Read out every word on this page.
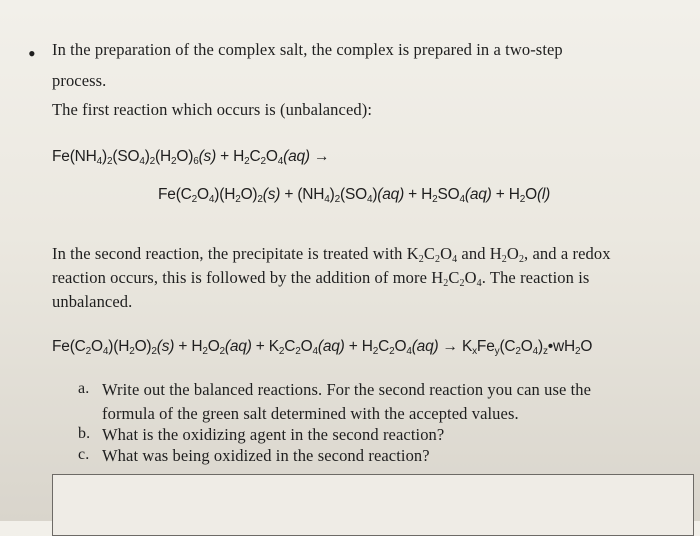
• In the preparation of the complex salt, the complex is prepared in a two-step
process.
The first reaction which occurs is (unbalanced):
$Fe(NH_4)_2(SO_4)_2(H_2O)_6(s) + H_2C_2O_4(aq)$ →
$Fe(C_2O_4)(H_2O)_2(s) + (NH_4)_2(SO_4)(aq) + H_2SO_4(aq) + H_2O(l)$
In the second reaction, the precipitate is treated with $K_2C_2O_4$ and $H_2O_2$, and a redox
reaction occurs, this is followed by the addition of more $H_2C_2O_4$. The reaction is
unbalanced.
$Fe(C_2O_4)(H_2O)_2(s) + H_2O_2(aq) + K_2C_2O_4(aq) + H_2C_2O_4(aq)$ → $K_xFe_y(C_2O_4)_z•wH_2O$
a. Write out the balanced reactions. For the second reaction you can use the
formula of the green salt determined with the accepted values.
b. What is the oxidizing agent in the second reaction?
c. What was being oxidized in the second reaction?
